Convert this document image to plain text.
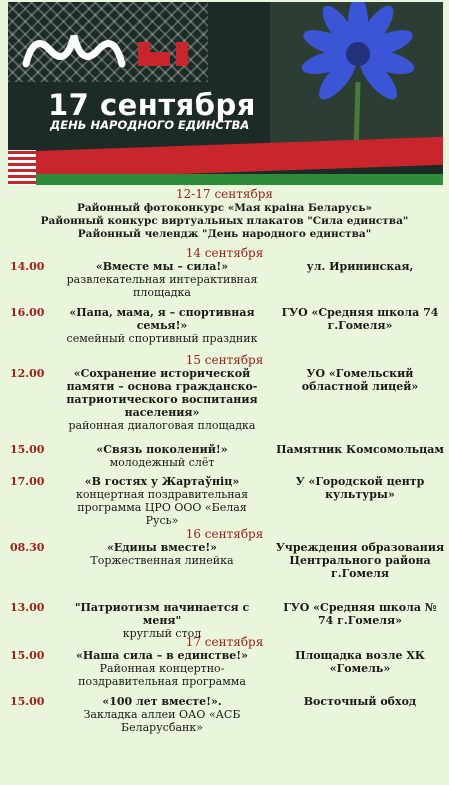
17 сентября
ДЕНЬ НАРОДНОГО ЕДИНСТВА
12-17 сентября
Районный фотоконкурс «Мая краіна Беларусь»
Районный конкурс виртуальных плакатов "Сила единства"
Районный челендж "День народного единства"
14 сентября
14.00	«Вместе мы – сила!»
развлекательная интерактивная площадка
ул. Ирининская,
16.00	«Папа, мама, я – спортивная семья!»
семейный спортивный праздник
ГУО «Средняя школа 74 г.Гомеля»
15 сентября
12.00	«Сохранение исторической памяти – основа гражданско-патриотического воспитания населения»
районная диалоговая площадка
УО «Гомельский областной лицей»
15.00	«Связь поколений!»
молодежный слёт
Памятник Комсомольцам
17.00	«В гостях у Жартаўнiц»
концертная поздравительная программа ЦРО ООО «Белая Русь»
У «Городской центр культуры»
16 сентября
08.30	«Едины вместе!»
Торжественная линейка
Учреждения образования Центрального района г.Гомеля
13.00	"Патриотизм начинается с меня"
круглый стол
ГУО «Средняя школа № 74 г.Гомеля»
17 сентября
15.00	«Наша сила – в единстве!»
Районная концертно-поздравительная программа
Площадка возле ХК «Гомель»
15.00	«100 лет вместе!».
Закладка аллеи ОАО «АСБ Беларусбанк»
Восточный обход
